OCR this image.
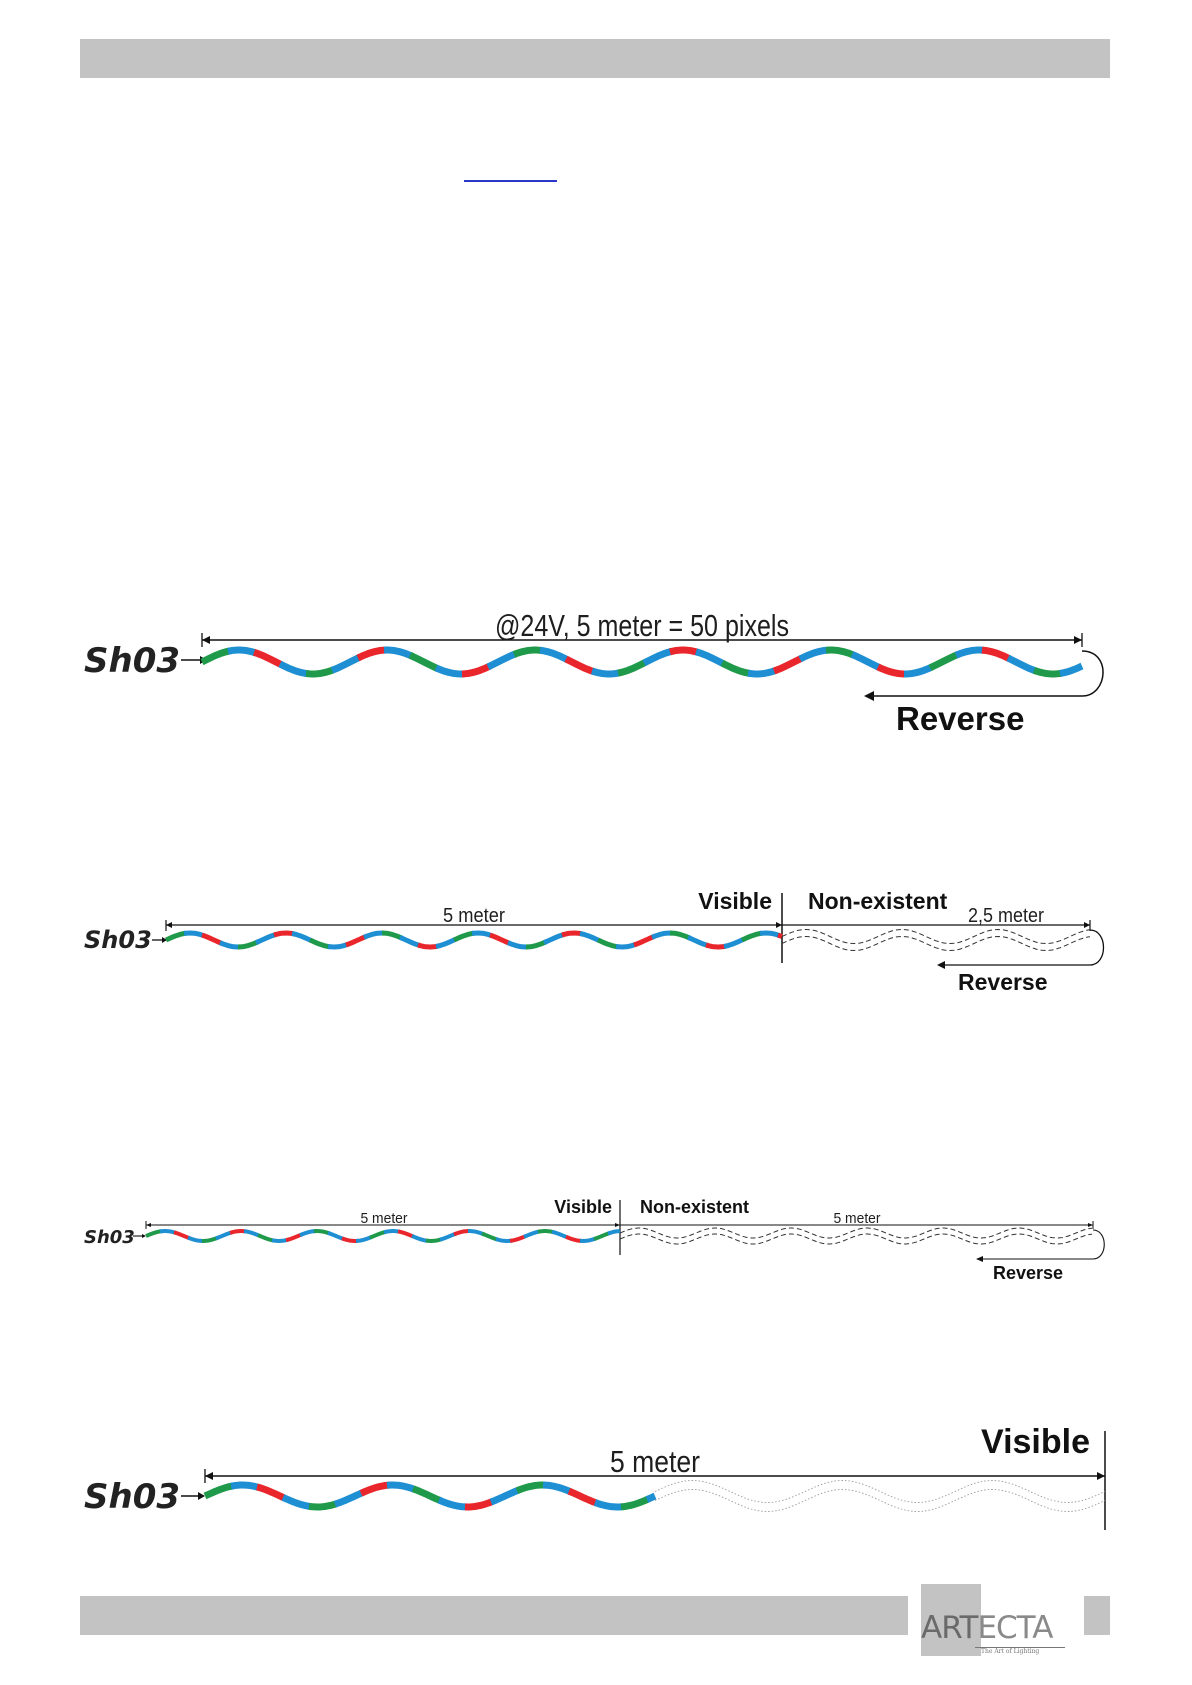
Sh03
@24V, 5 meter = 50 pixels
Reverse
Sh03
5 meter
Visible Non-existent
2,5 meter
Reverse
Sh03
5 meter
Visible Non-existent
5 meter
Reverse
Sh03
5 meter
Visible
ARTECTA
The Art of Lighting
